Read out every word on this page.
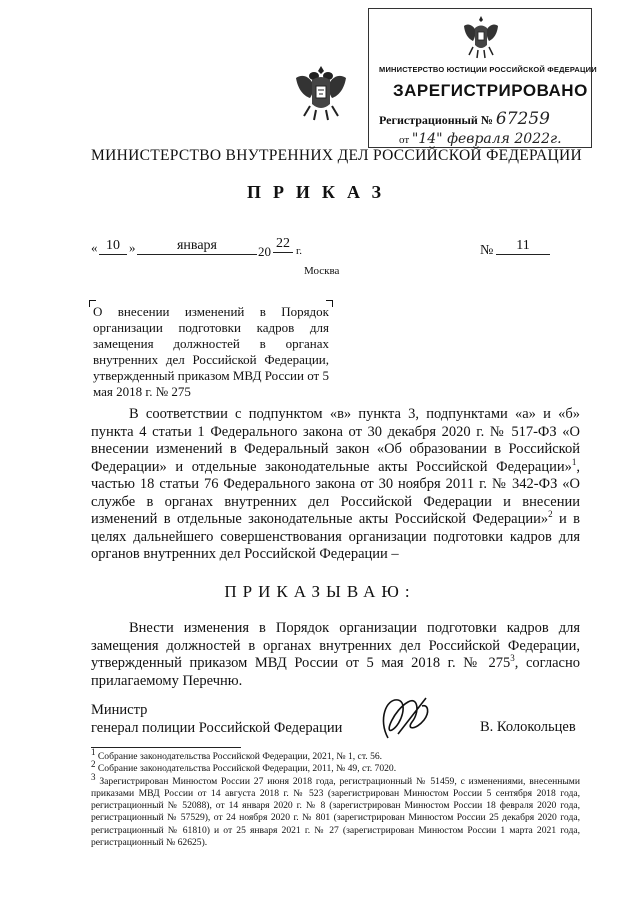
МИНИСТЕРСТВО ЮСТИЦИИ РОССИЙСКОЙ ФЕДЕРАЦИИ
ЗАРЕГИСТРИРОВАНО
Регистрационный № 67259
от "14" февраля 2022г.
МИНИСТЕРСТВО ВНУТРЕННИХ ДЕЛ РОССИЙСКОЙ ФЕДЕРАЦИИ
ПРИКАЗ
« 10 »	января	20
22 г.	№	11
Москва
О внесении изменений в Порядок организации подготовки кадров для замещения должностей в органах внутренних дел Российской Федерации, утвержденный приказом МВД России от 5 мая 2018 г. № 275

В соответствии с подпунктом «в» пункта 3, подпунктами «а» и «б» пункта 4 статьи 1 Федерального закона от 30 декабря 2020 г. № 517-ФЗ «О внесении изменений в Федеральный закон «Об образовании в Российской Федерации» и отдельные законодательные акты Российской Федерации»$^1$, частью 18 статьи 76 Федерального закона от 30 ноября 2011 г. № 342-ФЗ «О службе в органах внутренних дел Российской Федерации и внесении изменений в отдельные законодательные акты Российской Федерации»$^2$ и в целях дальнейшего совершенствования организации подготовки кадров для органов внутренних дел Российской Федерации –

ПРИКАЗЫВАЮ:

Внести изменения в Порядок организации подготовки кадров для замещения должностей в органах внутренних дел Российской Федерации, утвержденный приказом МВД России от 5 мая 2018 г. № $275^3$, согласно прилагаемому Перечню.

Министр
генерал полиции Российской Федерации	В. Колокольцев

$^1$ Собрание законодательства Российской Федерации, 2021, № 1, ст. 56.

$^2$ Собрание законодательства Российской Федерации, 2011, № 49, ст. 7020.

$^3$ Зарегистрирован Минюстом России 27 июня 2018 года, регистрационный № 51459, с изменениями, внесенными приказами МВД России от 14 августа 2018 г. № 523 (зарегистрирован Минюстом России 5 сентября 2018 года, регистрационный № 52088), от 14 января 2020 г. № 8 (зарегистрирован Минюстом России 18 февраля 2020 года, регистрационный № 57529), от 24 ноября 2020 г. № 801 (зарегистрирован Минюстом России 25 декабря 2020 года, регистрационный № 61810) и от 25 января 2021 г. № 27 (зарегистрирован Минюстом России 1 марта 2021 года, регистрационный № 62625).
